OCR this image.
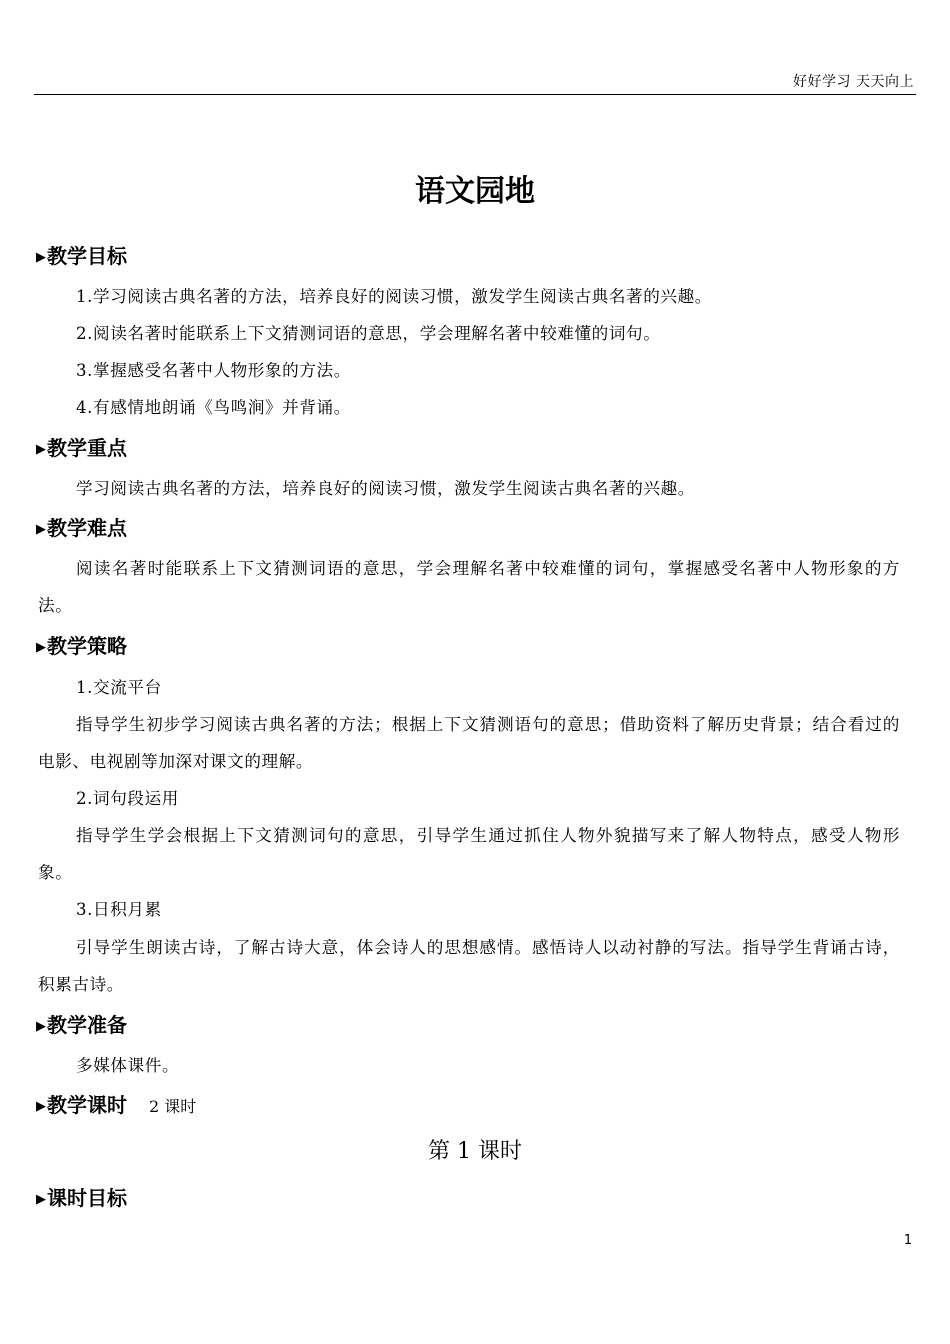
好好学习 天天向上
语文园地
▶教学目标
1.学习阅读古典名著的方法，培养良好的阅读习惯，激发学生阅读古典名著的兴趣。
2.阅读名著时能联系上下文猜测词语的意思，学会理解名著中较难懂的词句。
3.掌握感受名著中人物形象的方法。
4.有感情地朗诵《鸟鸣涧》并背诵。
▶教学重点
学习阅读古典名著的方法，培养良好的阅读习惯，激发学生阅读古典名著的兴趣。
▶教学难点
阅读名著时能联系上下文猜测词语的意思，学会理解名著中较难懂的词句，掌握感受名著中人物形象的方法。
▶教学策略
1.交流平台
指导学生初步学习阅读古典名著的方法；根据上下文猜测语句的意思；借助资料了解历史背景；结合看过的电影、电视剧等加深对课文的理解。
2.词句段运用
指导学生学会根据上下文猜测词句的意思，引导学生通过抓住人物外貌描写来了解人物特点，感受人物形象。
3.日积月累
引导学生朗读古诗，了解古诗大意，体会诗人的思想感情。感悟诗人以动衬静的写法。指导学生背诵古诗，积累古诗。
▶教学准备
多媒体课件。
▶教学课时 2 课时
第 1 课时
▶课时目标
1
